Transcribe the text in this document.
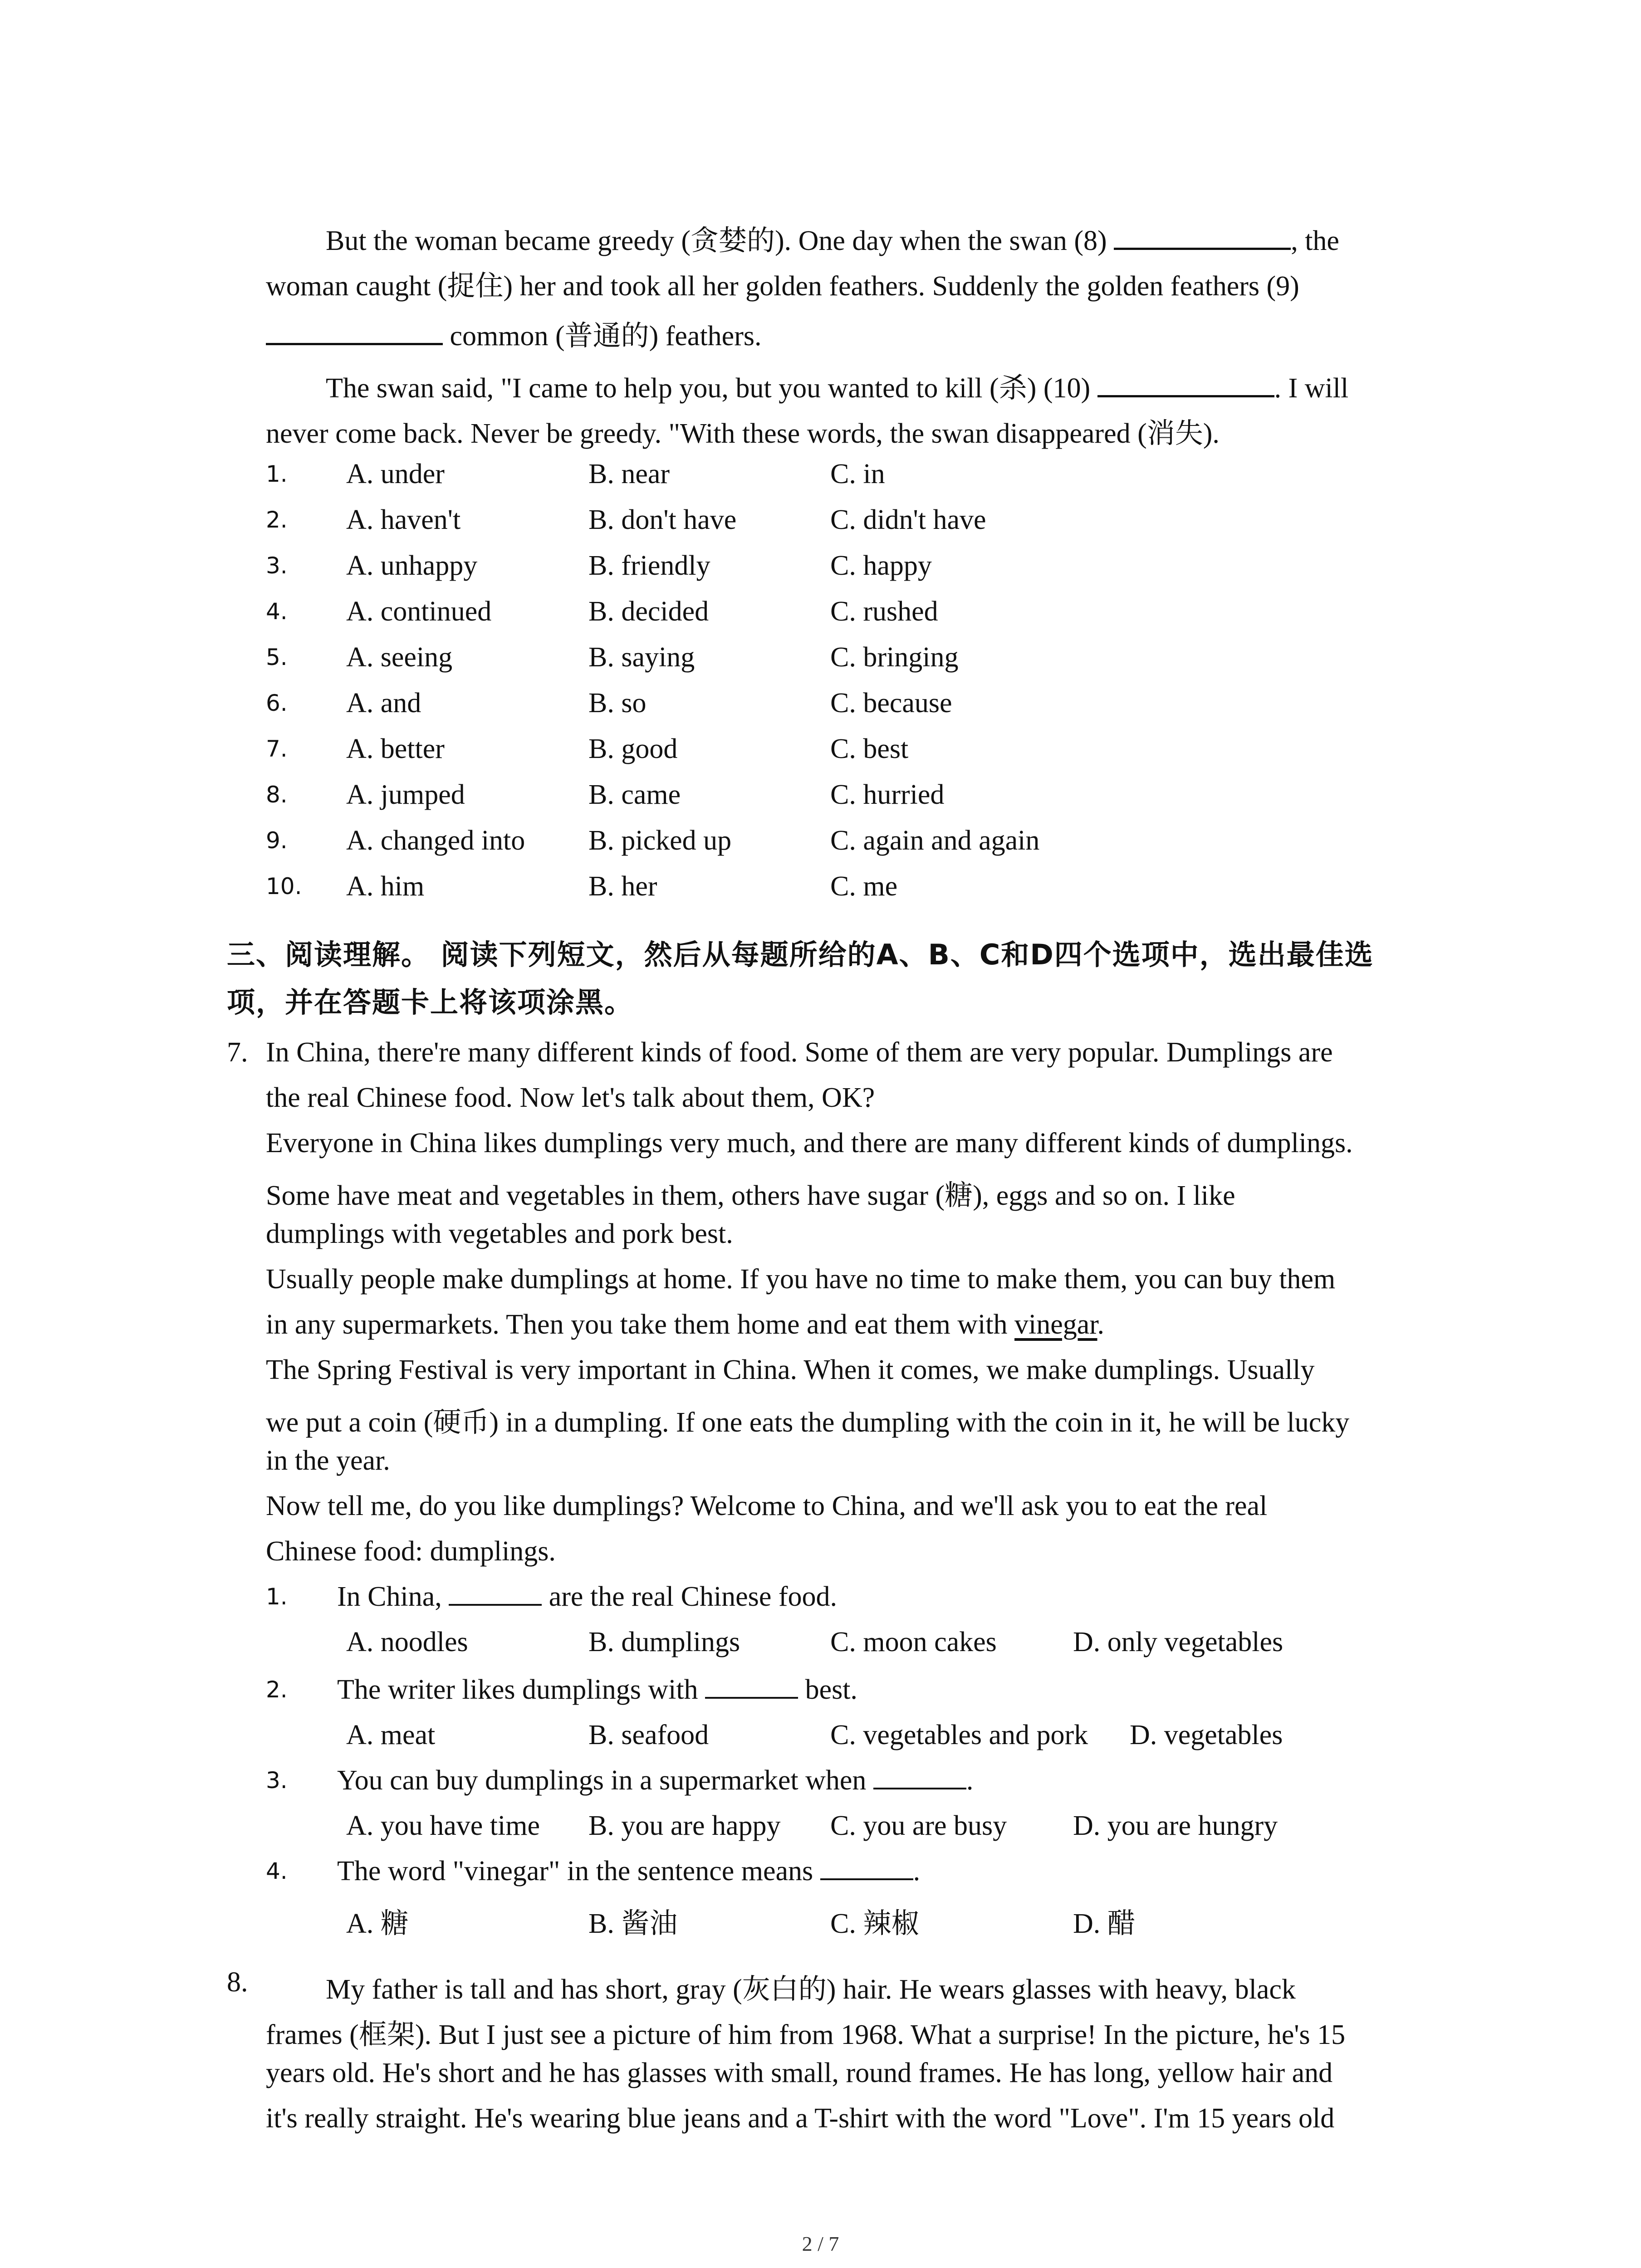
But the woman became greedy (贪婪的). One day when the swan (8)	, the
woman caught (捉住) her and took all her golden feathers. Suddenly the golden feathers (9)
common (普通的) feathers.
The swan said, "I came to help you, but you wanted to kill (杀) (10)	. I will
never come back. Never be greedy. "With these words, the swan disappeared (消失).
1. A. under	B. near	C. in
2. A. haven't	B. don't have	C. didn't have
3. A. unhappy	B. friendly	C. happy
4. A. continued	B. decided	C. rushed
5. A. seeing	B. saying	C. bringing
6. A. and	B. so	C. because
7. A. better	B. good	C. best
8. A. jumped	B. came	C. hurried
9. A. changed into B. picked up	C. again and again
10. A. him	B. her	C. me
三、阅读理解。 阅读下列短文，然后从每题所给的A、B、C和D四个选项中，选出最佳选
项，并在答题卡上将该项涂黑。
7. In China, there're many different kinds of food. Some of them are very popular. Dumplings are
the real Chinese food. Now let's talk about them, OK?
Everyone in China likes dumplings very much, and there are many different kinds of dumplings.
Some have meat and vegetables in them, others have sugar (糖), eggs and so on. I like
dumplings with vegetables and pork best.
Usually people make dumplings at home. If you have no time to make them, you can buy them
The Spring Festival is very important in China. When it comes, we make dumplings. Usually
we put a coin (硬币) in a dumpling. If one eats the dumpling with the coin in it, he will be lucky
in the year.
Now tell me, do you like dumplings? Welcome to China, and we'll ask you to eat the real
Chinese food: dumplings.
in any supermarkets. Then you take them home and eat them with vinegar.
1. In China,	are the real Chinese food.
A. noodles	B. dumplings	C. moon cakes	D. only vegetables
2. The writer likes dumplings with	best.
A. meat	B. seafood	C. vegetables and pork D. vegetables
3. You can buy dumplings in a supermarket when	.
A. you have time B. you are happy C. you are busy D. you are hungry
4. The word "vinegar" in the sentence means	.
A. 糖	B. 酱油	C. 辣椒	D. 醋
8.	My father is tall and has short, gray (灰白的) hair. He wears glasses with heavy, black
frames (框架). But I just see a picture of him from 1968. What a surprise! In the picture, he's 15
years old. He's short and he has glasses with small, round frames. He has long, yellow hair and
it's really straight. He's wearing blue jeans and a T-shirt with the word "Love". I'm 15 years old
2 / 7
